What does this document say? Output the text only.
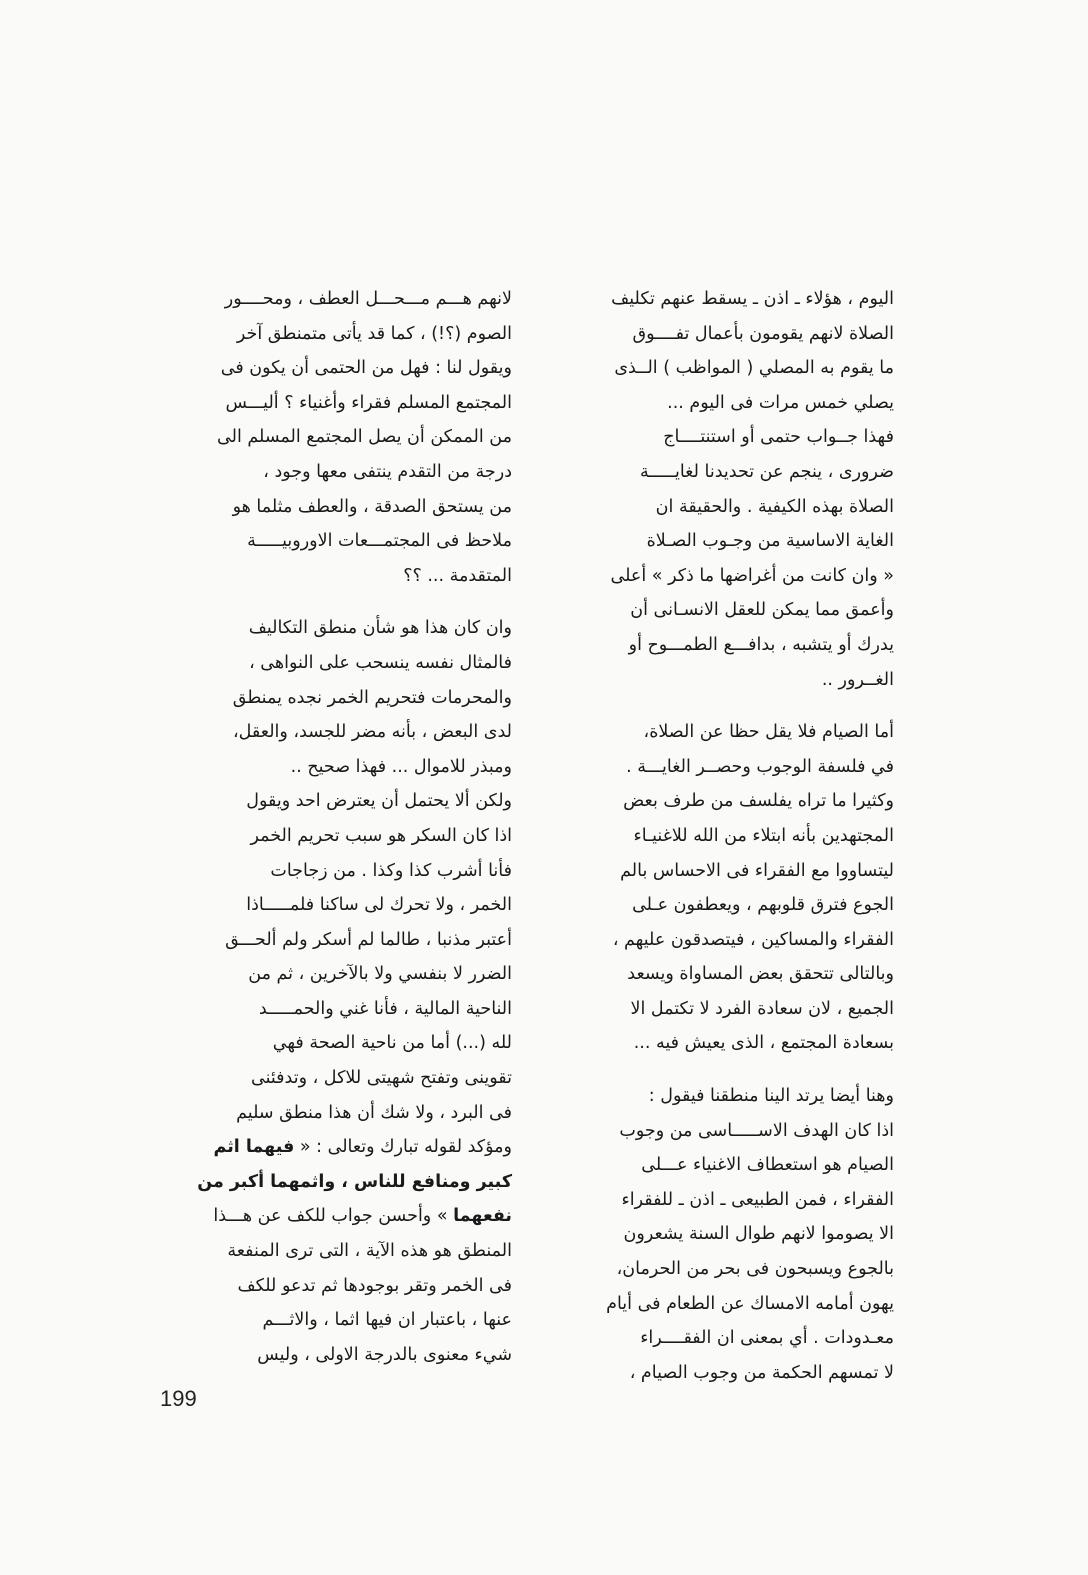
اليوم ، هؤلاء ـ اذن ـ يسقط عنهم تكليف
الصلاة لانهم يقومون بأعمال تفــــوق
ما يقوم به المصلي ( المواظب ) الــذى
يصلي خمس مرات فى اليوم ...

فهذا جــواب حتمى أو استنتــــاج
ضرورى ، ينجم عن تحديدنا لغايـــــة
الصلاة بهذه الكيفية . والحقيقة ان
الغاية الاساسية من وجـوب الصـلاة
« وان كانت من أغراضها ما ذكر » أعلى
وأعمق مما يمكن للعقل الانسـانى أن
يدرك أو يتشبه ، بدافـــع الطمـــوح أو
الغــرور ..

أما الصيام فلا يقل حظا عن الصلاة،
في فلسفة الوجوب وحصــر الغايـــة .
وكثيرا ما تراه يفلسف من طرف بعض
المجتهدين بأنه ابتلاء من الله للاغنيـاء
ليتساووا مع الفقراء فى الاحساس بالم
الجوع فترق قلوبهم ، ويعطفون عـلى
الفقراء والمساكين ، فيتصدقون عليهم ،
وبالتالى تتحقق بعض المساواة ويسعد
الجميع ، لان سعادة الفرد لا تكتمل الا
بسعادة المجتمع ، الذى يعيش فيه ...

وهنا أيضا يرتد الينا منطقنا فيقول :
اذا كان الهدف الاســـــاسى من وجوب
الصيام هو استعطاف الاغنياء عـــلى
الفقراء ، فمن الطبيعى ـ اذن ـ للفقراء
الا يصوموا لانهم طوال السنة يشعرون
بالجوع ويسبحون فى بحر من الحرمان،
يهون أمامه الامساك عن الطعام فى أيام
معـدودات . أي بمعنى ان الفقــــراء
لا تمسهم الحكمة من وجوب الصيام ،

لانهم هـــم مـــحـــل العطف ، ومحــــور
الصوم (؟!) ، كما قد يأتى متمنطق آخر
ويقول لنا : فهل من الحتمى أن يكون فى
المجتمع المسلم فقراء وأغنياء ؟ أليـــس
من الممكن أن يصل المجتمع المسلم الى
درجة من التقدم ينتفى معها وجود ،
من يستحق الصدقة ، والعطف مثلما هو
ملاحظ فى المجتمـــعات الاوروبيـــــة
المتقدمة ... ؟؟

وان كان هذا هو شأن منطق التكاليف
فالمثال نفسه ينسحب على النواهى ،
والمحرمات فتحريم الخمر نجده يمنطق
لدى البعض ، بأنه مضر للجسد، والعقل،
ومبذر للاموال ... فهذا صحيح ..
ولكن ألا يحتمل أن يعترض احد ويقول
اذا كان السكر هو سبب تحريم الخمر
فأنا أشرب كذا وكذا . من زجاجات
الخمر ، ولا تحرك لى ساكنا فلمـــــاذا
أعتبر مذنبا ، طالما لم أسكر ولم ألحـــق
الضرر لا بنفسي ولا بالآخرين ، ثم من
الناحية المالية ، فأنا غني والحمـــــد
لله (...) أما من ناحية الصحة فهي
تقوينى وتفتح شهيتى للاكل ، وتدفئنى
فى البرد ، ولا شك أن هذا منطق سليم
ومؤكد لقوله تبارك وتعالى : « فيهما اثم
كبير ومنافع للناس ، واثمهما أكبر من
نفعهما » وأحسن جواب للكف عن هـــذا
المنطق هو هذه الآية ، التى ترى المنفعة
فى الخمر وتقر بوجودها ثم تدعو للكف
عنها ، باعتبار ان فيها اثما ، والاثـــم
شيء معنوى بالدرجة الاولى ، وليس

199
